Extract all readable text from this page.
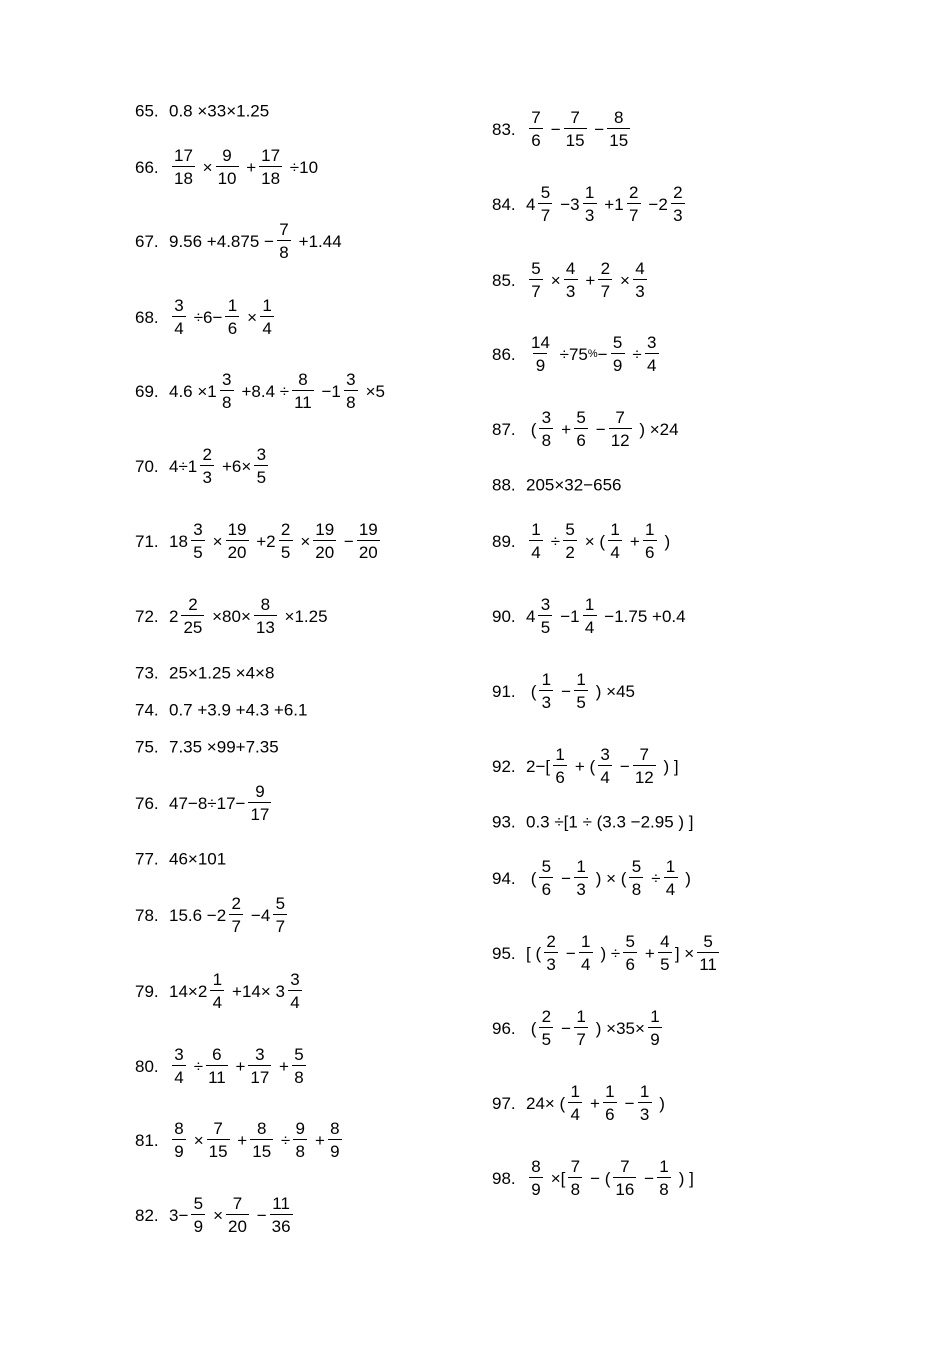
65. 0.8 ×33×1.25
66. $\frac{17}{18} \times \frac{9}{10} + \frac{17}{18} \div 10$
67. $9.56 +4.875 - \frac{7}{8} +1.44$
68. $\frac{3}{4} \div 6- \frac{1}{6} \times \frac{1}{4}$
69. $4.6 \times 1 \frac{3}{8} +8.4 \div \frac{8}{11} -1 \frac{3}{8} \times 5$
70. $4\div 1 \frac{2}{3} +6\times \frac{3}{5}$
71. $18 \frac{3}{5} \times \frac{19}{20} +2 \frac{2}{5} \times \frac{19}{20} - \frac{19}{20}$
72. $2 \frac{2}{25} \times 80\times \frac{8}{13} \times 1.25$
73. 25×1.25 ×4×8
74. 0.7 +3.9 +4.3 +6.1
75. 7.35 ×99+7.35
76. $47-8\div 17- \frac{9}{17}$
77. 46×101
78. $15.6 -2 \frac{2}{7} -4 \frac{5}{7}$
79. $14\times 2 \frac{1}{4} +14\times 3 \frac{3}{4}$
80. $\frac{3}{4} \div \frac{6}{11} + \frac{3}{17} + \frac{5}{8}$
81. $\frac{8}{9} \times \frac{7}{15} + \frac{8}{15} \div \frac{9}{8} + \frac{8}{9}$
82. $3- \frac{5}{9} \times \frac{7}{20} - \frac{11}{36}$
83. $\frac{7}{6} - \frac{7}{15} - \frac{8}{15}$
84. $4 \frac{5}{7} -3 \frac{1}{3} +1 \frac{2}{7} -2 \frac{2}{3}$
85. $\frac{5}{7} \times \frac{4}{3} + \frac{2}{7} \times \frac{4}{3}$
86. $\frac{14}{9} \div 75$ % − $\frac{5}{9} \div \frac{3}{4}$
87. ( $\frac{3}{8} + \frac{5}{6} - \frac{7}{12}$ ) ×24
88. 205×32−656
89. $\frac{1}{4} \div \frac{5}{2}$ × ( $\frac{1}{4} + \frac{1}{6}$ )
90. $4 \frac{3}{5} -1 \frac{1}{4} -1.75 +0.4$
91. ( $\frac{1}{3} - \frac{1}{5}$ ) ×45
92. $2-[ \frac{1}{6}$ + ( $\frac{3}{4} - \frac{7}{12}$ ) ]
93. 0.3 ÷[1 ÷ (3.3 −2.95 ) ]
94. ( $\frac{5}{6} - \frac{1}{3}$ ) × ( $\frac{5}{8} \div \frac{1}{4}$ )
95. [ ( $\frac{2}{3} - \frac{1}{4}$ ) ÷ $\frac{5}{6} + \frac{4}{5}$ ] × $\frac{5}{11}$
96. ( $\frac{2}{5} - \frac{1}{7}$ ) $\times 35\times \frac{1}{9}$
97. 24× ( $\frac{1}{4} + \frac{1}{6} - \frac{1}{3}$ )
98. $\frac{8}{9}$ ×[ $\frac{7}{8}$ − ( $\frac{7}{16} - \frac{1}{8}$ ) ]
